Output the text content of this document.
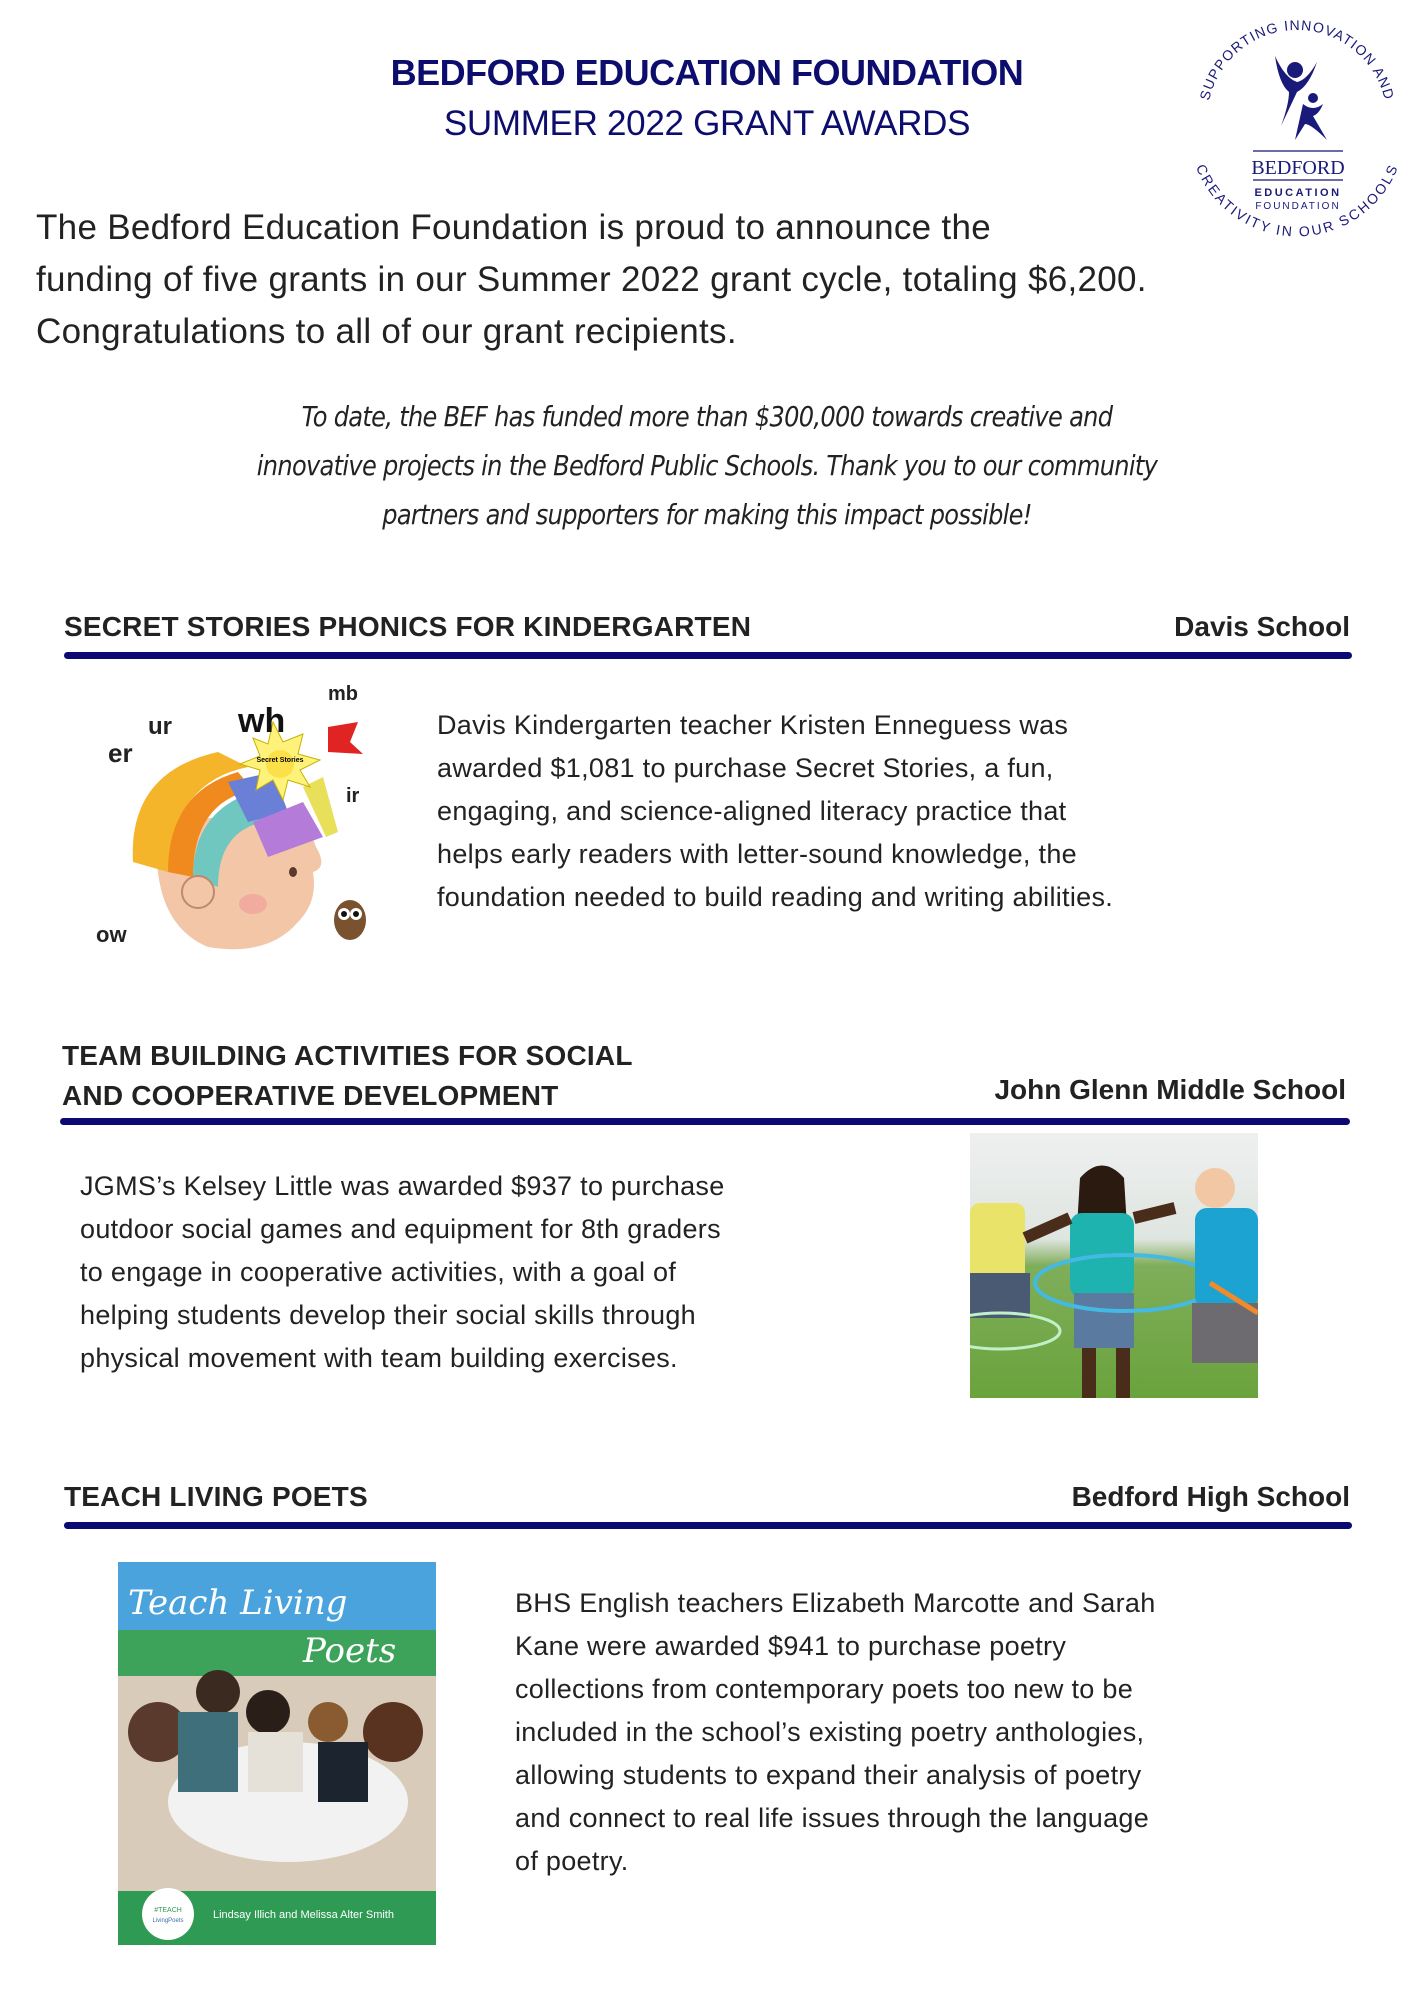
BEDFORD EDUCATION FOUNDATION
SUMMER 2022 GRANT AWARDS
SUPPORTING INNOVATION AND
CREATIVITY IN OUR SCHOOLS
BEDFORD
EDUCATION
FOUNDATION
The Bedford Education Foundation is proud to announce the
funding of five grants in our Summer 2022 grant cycle, totaling $6,200.
Congratulations to all of our grant recipients.
To date, the BEF has funded more than $300,000 towards creative and
innovative projects in the Bedford Public Schools. Thank you to our community
partners and supporters for making this impact possible!
SECRET STORIES PHONICS FOR KINDERGARTEN	Davis School
Secret Stories
er
ur wh
mb
ir
ow
Davis Kindergarten teacher Kristen Enneguess was
awarded $1,081 to purchase Secret Stories, a fun,
engaging, and science-aligned literacy practice that
helps early readers with letter-sound knowledge, the
foundation needed to build reading and writing abilities.
TEAM BUILDING ACTIVITIES FOR SOCIAL
AND COOPERATIVE DEVELOPMENT	John Glenn Middle School
JGMS’s Kelsey Little was awarded $937 to purchase
outdoor social games and equipment for 8th graders
to engage in cooperative activities, with a goal of
helping students develop their social skills through
physical movement with team building exercises.
TEACH LIVING POETS	Bedford High School
Teach Living
Poets
#TEACH
LivingPoets	Lindsay Illich and Melissa Alter Smith
BHS English teachers Elizabeth Marcotte and Sarah
Kane were awarded $941 to purchase poetry
collections from contemporary poets too new to be
included in the school’s existing poetry anthologies,
allowing students to expand their analysis of poetry
and connect to real life issues through the language
of poetry.
